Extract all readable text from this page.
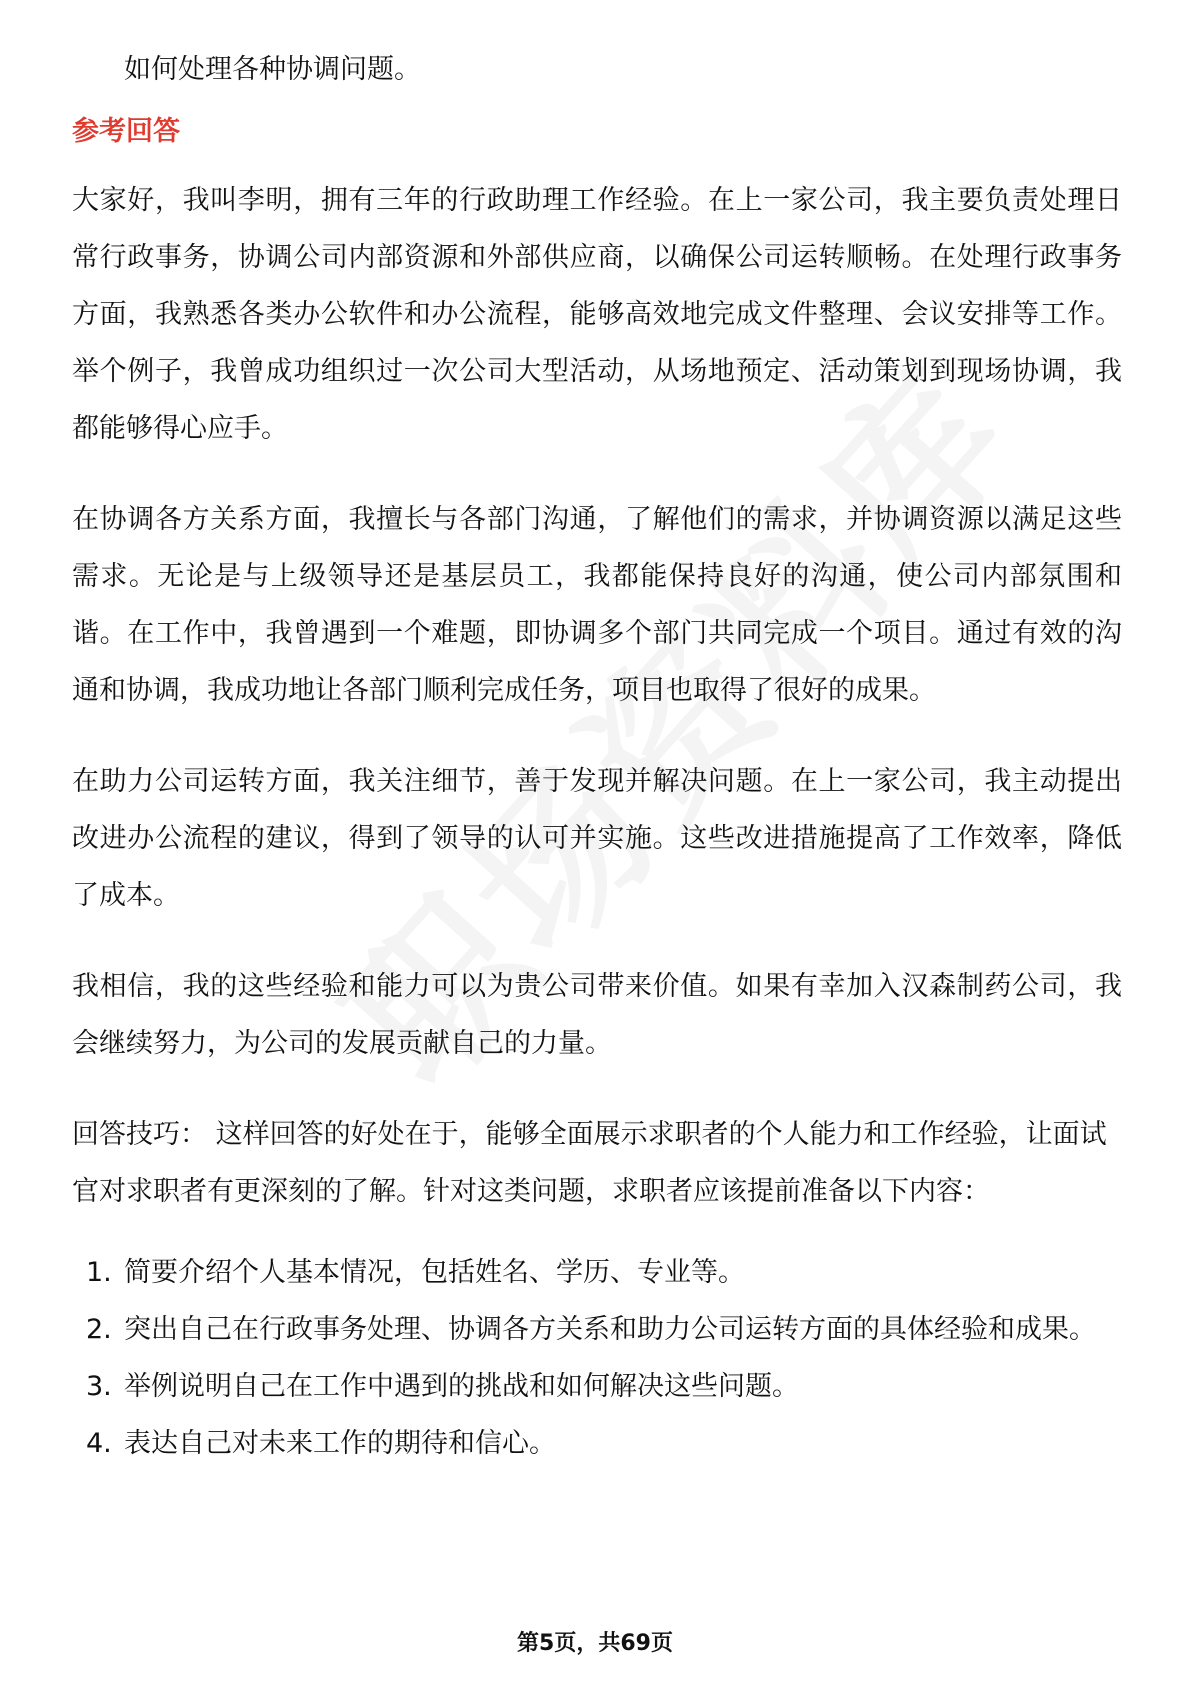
如何处理各种协调问题。

参考回答

大家好，我叫李明，拥有三年的行政助理工作经验。在上一家公司，我主要负责处理日常行政事务，协调公司内部资源和外部供应商，以确保公司运转顺畅。在处理行政事务方面，我熟悉各类办公软件和办公流程，能够高效地完成文件整理、会议安排等工作。举个例子，我曾成功组织过一次公司大型活动，从场地预定、活动策划到现场协调，我都能够得心应手。

在协调各方关系方面，我擅长与各部门沟通，了解他们的需求，并协调资源以满足这些需求。无论是与上级领导还是基层员工，我都能保持良好的沟通，使公司内部氛围和谐。在工作中，我曾遇到一个难题，即协调多个部门共同完成一个项目。通过有效的沟通和协调，我成功地让各部门顺利完成任务，项目也取得了很好的成果。

在助力公司运转方面，我关注细节，善于发现并解决问题。在上一家公司，我主动提出改进办公流程的建议，得到了领导的认可并实施。这些改进措施提高了工作效率，降低了成本。

我相信，我的这些经验和能力可以为贵公司带来价值。如果有幸加入汉森制药公司，我会继续努力，为公司的发展贡献自己的力量。

回答技巧： 这样回答的好处在于，能够全面展示求职者的个人能力和工作经验，让面试官对求职者有更深刻的了解。针对这类问题，求职者应该提前准备以下内容：

1. 简要介绍个人基本情况，包括姓名、学历、专业等。
2. 突出自己在行政事务处理、协调各方关系和助力公司运转方面的具体经验和成果。
3. 举例说明自己在工作中遇到的挑战和如何解决这些问题。
4. 表达自己对未来工作的期待和信心。
第5页，共69页
